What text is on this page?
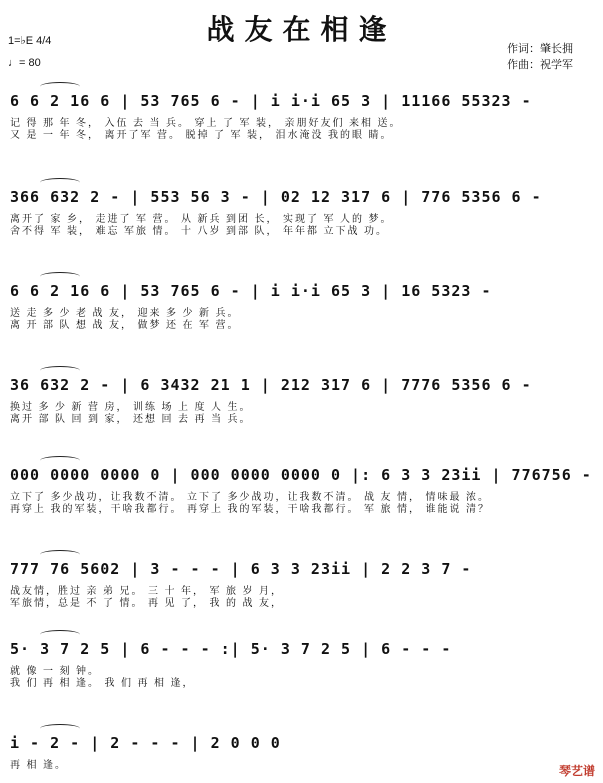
战友在相逢
1=♭E 4/4
♩= 80
作词：肇长拥
作曲：祝学军
6 6 2 16 6 | 53 765 6 - | i i·i 65 3 | 11166 55323 -
记 得 那 年 冬， 入伍 去 当 兵。 穿上 了 军 装， 亲朋好友们 来相 送。
又 是 一 年 冬， 离开了军 营。 脱掉 了 军 装， 泪水淹没 我的眼 睛。
366 632 2 - | 553 56 3 - | 02 12 317 6 | 776 5356 6 -
离开了 家 乡， 走进了 军 营。 从 新兵 到团 长， 实现了 军 人的 梦。
舍不得 军 装， 难忘 军旅 情。 十 八岁 到部 队， 年年都 立下战 功。
6 6 2 16 6 | 53 765 6 - | i i·i 65 3 | 16 5323 -
送 走 多 少 老 战 友， 迎来 多 少 新 兵。
离 开 部 队 想 战 友， 做梦 还 在 军 营。
36 632 2 - | 6 3432 21 1 | 212 317 6 | 7776 5356 6 -
换过 多 少 新 营 房， 训练 场 上 度 人 生。
离开 部 队 回 到 家， 还想 回 去 再 当 兵。
000 0000 0000 0 | 000 0000 0000 0 |: 6 3 3 23ii | 776756 -
立下了 多少战功，让我数不清。 立下了 多少战功，让我数不清。 战 友 情， 情味最 浓。
再穿上 我的军装，干啥我都行。 再穿上 我的军装，干啥我都行。 军 旅 情， 谁能说 清？
777 76 5602 | 3 - - - | 6 3 3 23ii | 2 2 3 7 -
战友情，胜过 亲 弟 兄。 三 十 年， 军 旅 岁 月，
军旅情，总是 不 了 情。 再 见 了， 我 的 战 友，
5· 3 7 2 5 | 6 - - - :| 5· 3 7 2 5 | 6 - - -
就 像 一 刻 钟。
我 们 再 相 逢。 我 们 再 相 逢，
i - 2 - | 2 - - - | 2 0 0 0
再 相 逢。	琴艺谱
